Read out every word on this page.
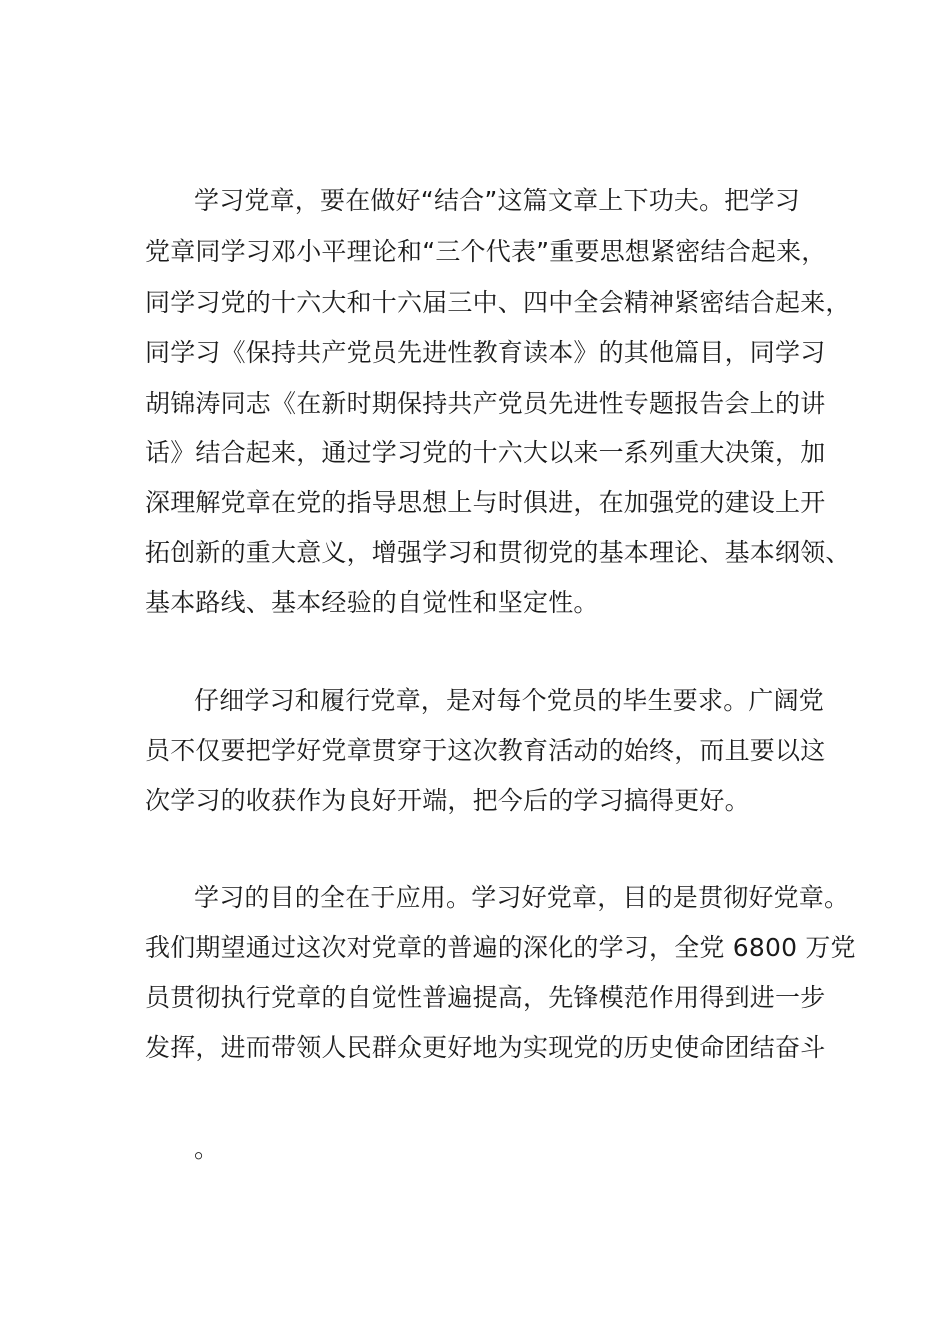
学习党章，要在做好“结合”这篇文章上下功夫。把学习
党章同学习邓小平理论和“三个代表”重要思想紧密结合起来，
同学习党的十六大和十六届三中、四中全会精神紧密结合起来，
同学习《保持共产党员先进性教育读本》的其他篇目，同学习
胡锦涛同志《在新时期保持共产党员先进性专题报告会上的讲
话》结合起来，通过学习党的十六大以来一系列重大决策，加
深理解党章在党的指导思想上与时俱进，在加强党的建设上开
拓创新的重大意义，增强学习和贯彻党的基本理论、基本纲领、
基本路线、基本经验的自觉性和坚定性。
仔细学习和履行党章，是对每个党员的毕生要求。广阔党
员不仅要把学好党章贯穿于这次教育活动的始终，而且要以这
次学习的收获作为良好开端，把今后的学习搞得更好。
学习的目的全在于应用。学习好党章，目的是贯彻好党章。
我们期望通过这次对党章的普遍的深化的学习，全党 6800 万党
员贯彻执行党章的自觉性普遍提高，先锋模范作用得到进一步
发挥，进而带领人民群众更好地为实现党的历史使命团结奋斗
。
